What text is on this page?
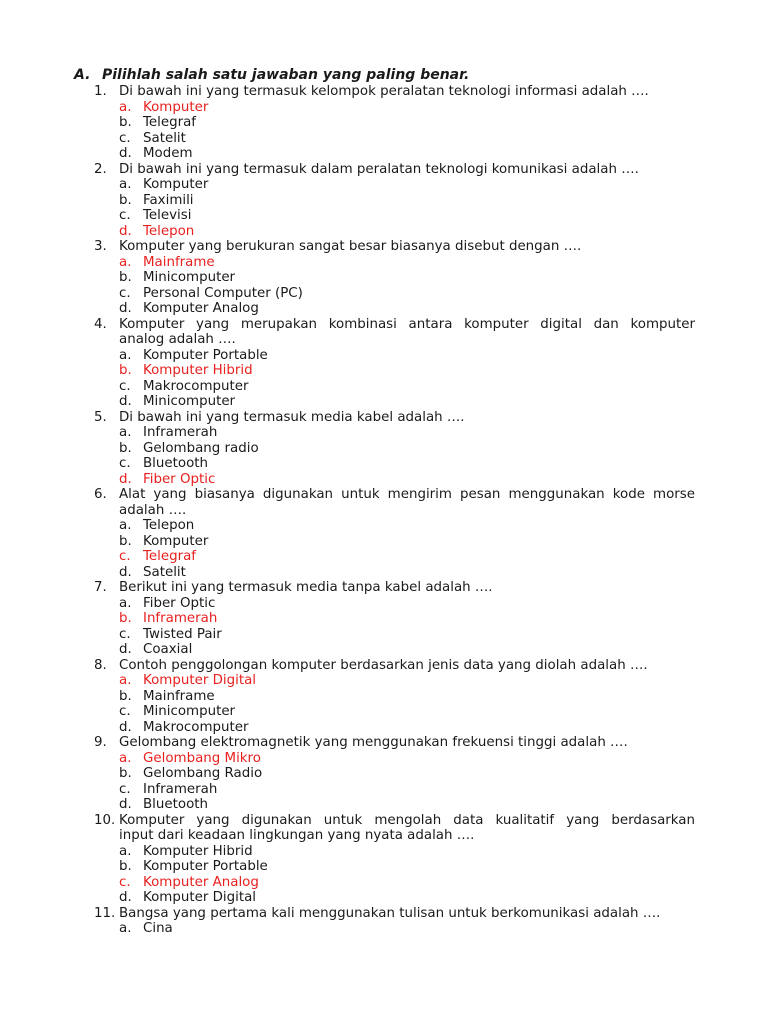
A. Pilihlah salah satu jawaban yang paling benar.
1. Di bawah ini yang termasuk kelompok peralatan teknologi informasi adalah ….
a. Komputer
b. Telegraf
c. Satelit
d. Modem
2. Di bawah ini yang termasuk dalam peralatan teknologi komunikasi adalah ….
a. Komputer
b. Faximili
c. Televisi
d. Telepon
3. Komputer yang berukuran sangat besar biasanya disebut dengan ….
a. Mainframe
b. Minicomputer
c. Personal Computer (PC)
d. Komputer Analog
4. Komputer yang merupakan kombinasi antara komputer digital dan komputer
analog adalah ….
a. Komputer Portable
b. Komputer Hibrid
c. Makrocomputer
d. Minicomputer
5. Di bawah ini yang termasuk media kabel adalah ….
a. Inframerah
b. Gelombang radio
c. Bluetooth
d. Fiber Optic
6. Alat yang biasanya digunakan untuk mengirim pesan menggunakan kode morse
adalah ….
a. Telepon
b. Komputer
c. Telegraf
d. Satelit
7. Berikut ini yang termasuk media tanpa kabel adalah ….
a. Fiber Optic
b. Inframerah
c. Twisted Pair
d. Coaxial
8. Contoh penggolongan komputer berdasarkan jenis data yang diolah adalah ….
a. Komputer Digital
b. Mainframe
c. Minicomputer
d. Makrocomputer
9. Gelombang elektromagnetik yang menggunakan frekuensi tinggi adalah ….
a. Gelombang Mikro
b. Gelombang Radio
c. Inframerah
d. Bluetooth
10. Komputer yang digunakan untuk mengolah data kualitatif yang berdasarkan
input dari keadaan lingkungan yang nyata adalah ….
a. Komputer Hibrid
b. Komputer Portable
c. Komputer Analog
d. Komputer Digital
11. Bangsa yang pertama kali menggunakan tulisan untuk berkomunikasi adalah ….
a. Cina
